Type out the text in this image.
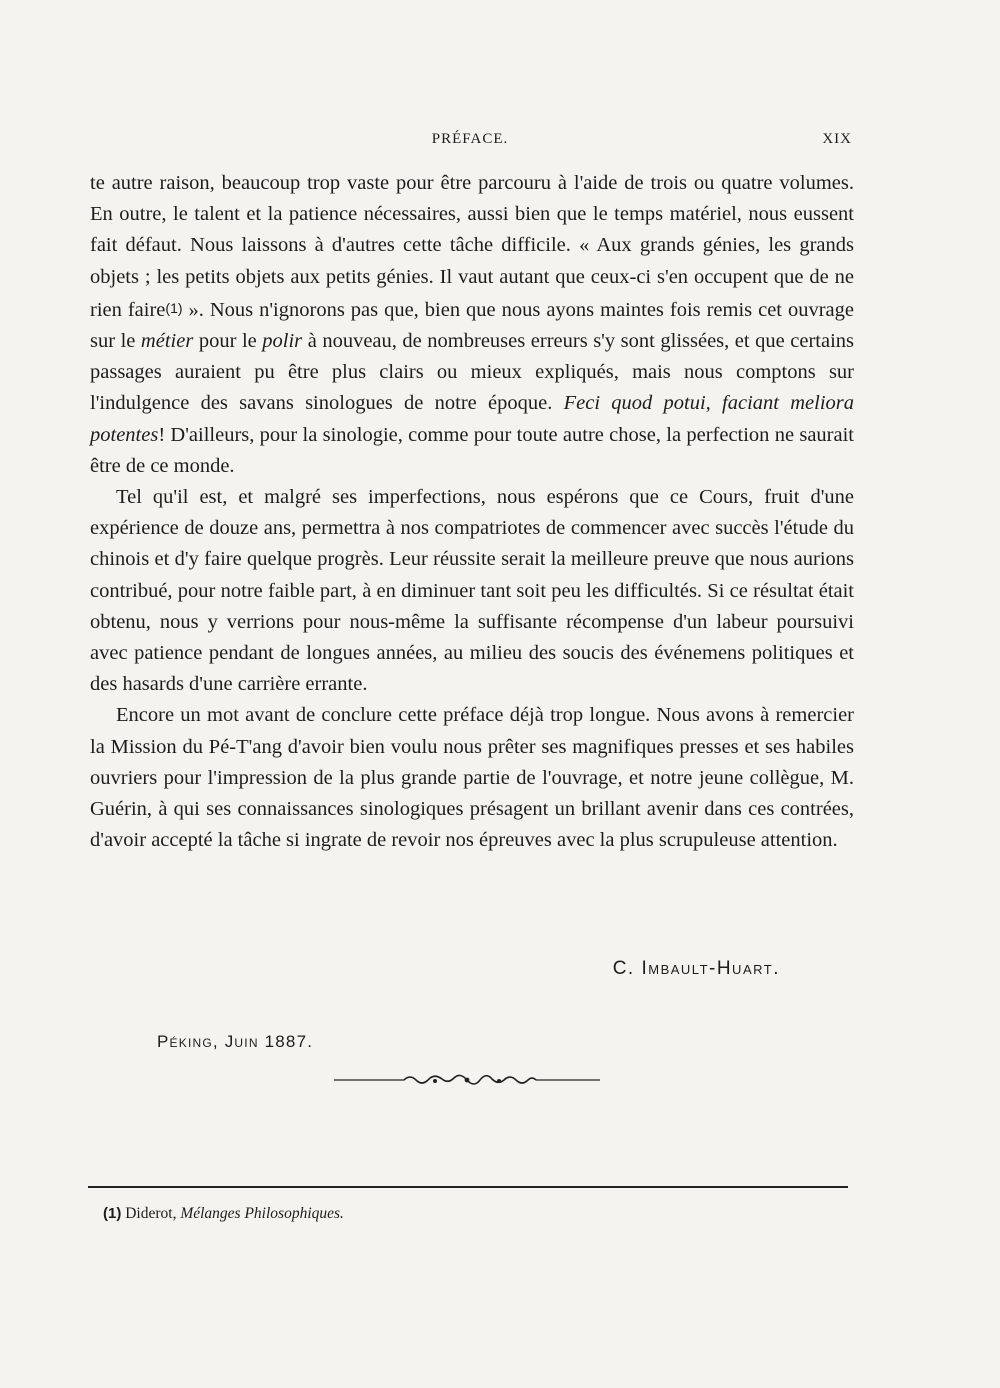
PRÉFACE.	XIX

te autre raison, beaucoup trop vaste pour être parcouru à l'aide de trois ou quatre volumes. En outre, le talent et la patience nécessaires, aussi bien que le temps matériel, nous eussent fait défaut. Nous laissons à d'autres cette tâche difficile. « Aux grands génies, les grands objets ; les petits objets aux petits génies. Il vaut autant que ceux-ci s'en occupent que de ne rien faire(1) ». Nous n'ignorons pas que, bien que nous ayons maintes fois remis cet ouvrage sur le métier pour le polir à nouveau, de nombreuses erreurs s'y sont glissées, et que certains passages auraient pu être plus clairs ou mieux expliqués, mais nous comptons sur l'indulgence des savans sinologues de notre époque. Feci quod potui, faciant meliora potentes! D'ailleurs, pour la sinologie, comme pour toute autre chose, la perfection ne saurait être de ce monde.

Tel qu'il est, et malgré ses imperfections, nous espérons que ce Cours, fruit d'une expérience de douze ans, permettra à nos compatriotes de commencer avec succès l'étude du chinois et d'y faire quelque progrès. Leur réussite serait la meilleure preuve que nous aurions contribué, pour notre faible part, à en diminuer tant soit peu les difficultés. Si ce résultat était obtenu, nous y verrions pour nous-même la suffisante récompense d'un labeur poursuivi avec patience pendant de longues années, au milieu des soucis des événemens politiques et des hasards d'une carrière errante.

Encore un mot avant de conclure cette préface déjà trop longue. Nous avons à remercier la Mission du Pé-T'ang d'avoir bien voulu nous prêter ses magnifiques presses et ses habiles ouvriers pour l'impression de la plus grande partie de l'ouvrage, et notre jeune collègue, M. Guérin, à qui ses connaissances sinologiques présagent un brillant avenir dans ces contrées, d'avoir accepté la tâche si ingrate de revoir nos épreuves avec la plus scrupuleuse attention.

C. Imbault-Huart.
Péking, Juin 1887.
(1) Diderot, Mélanges Philosophiques.
